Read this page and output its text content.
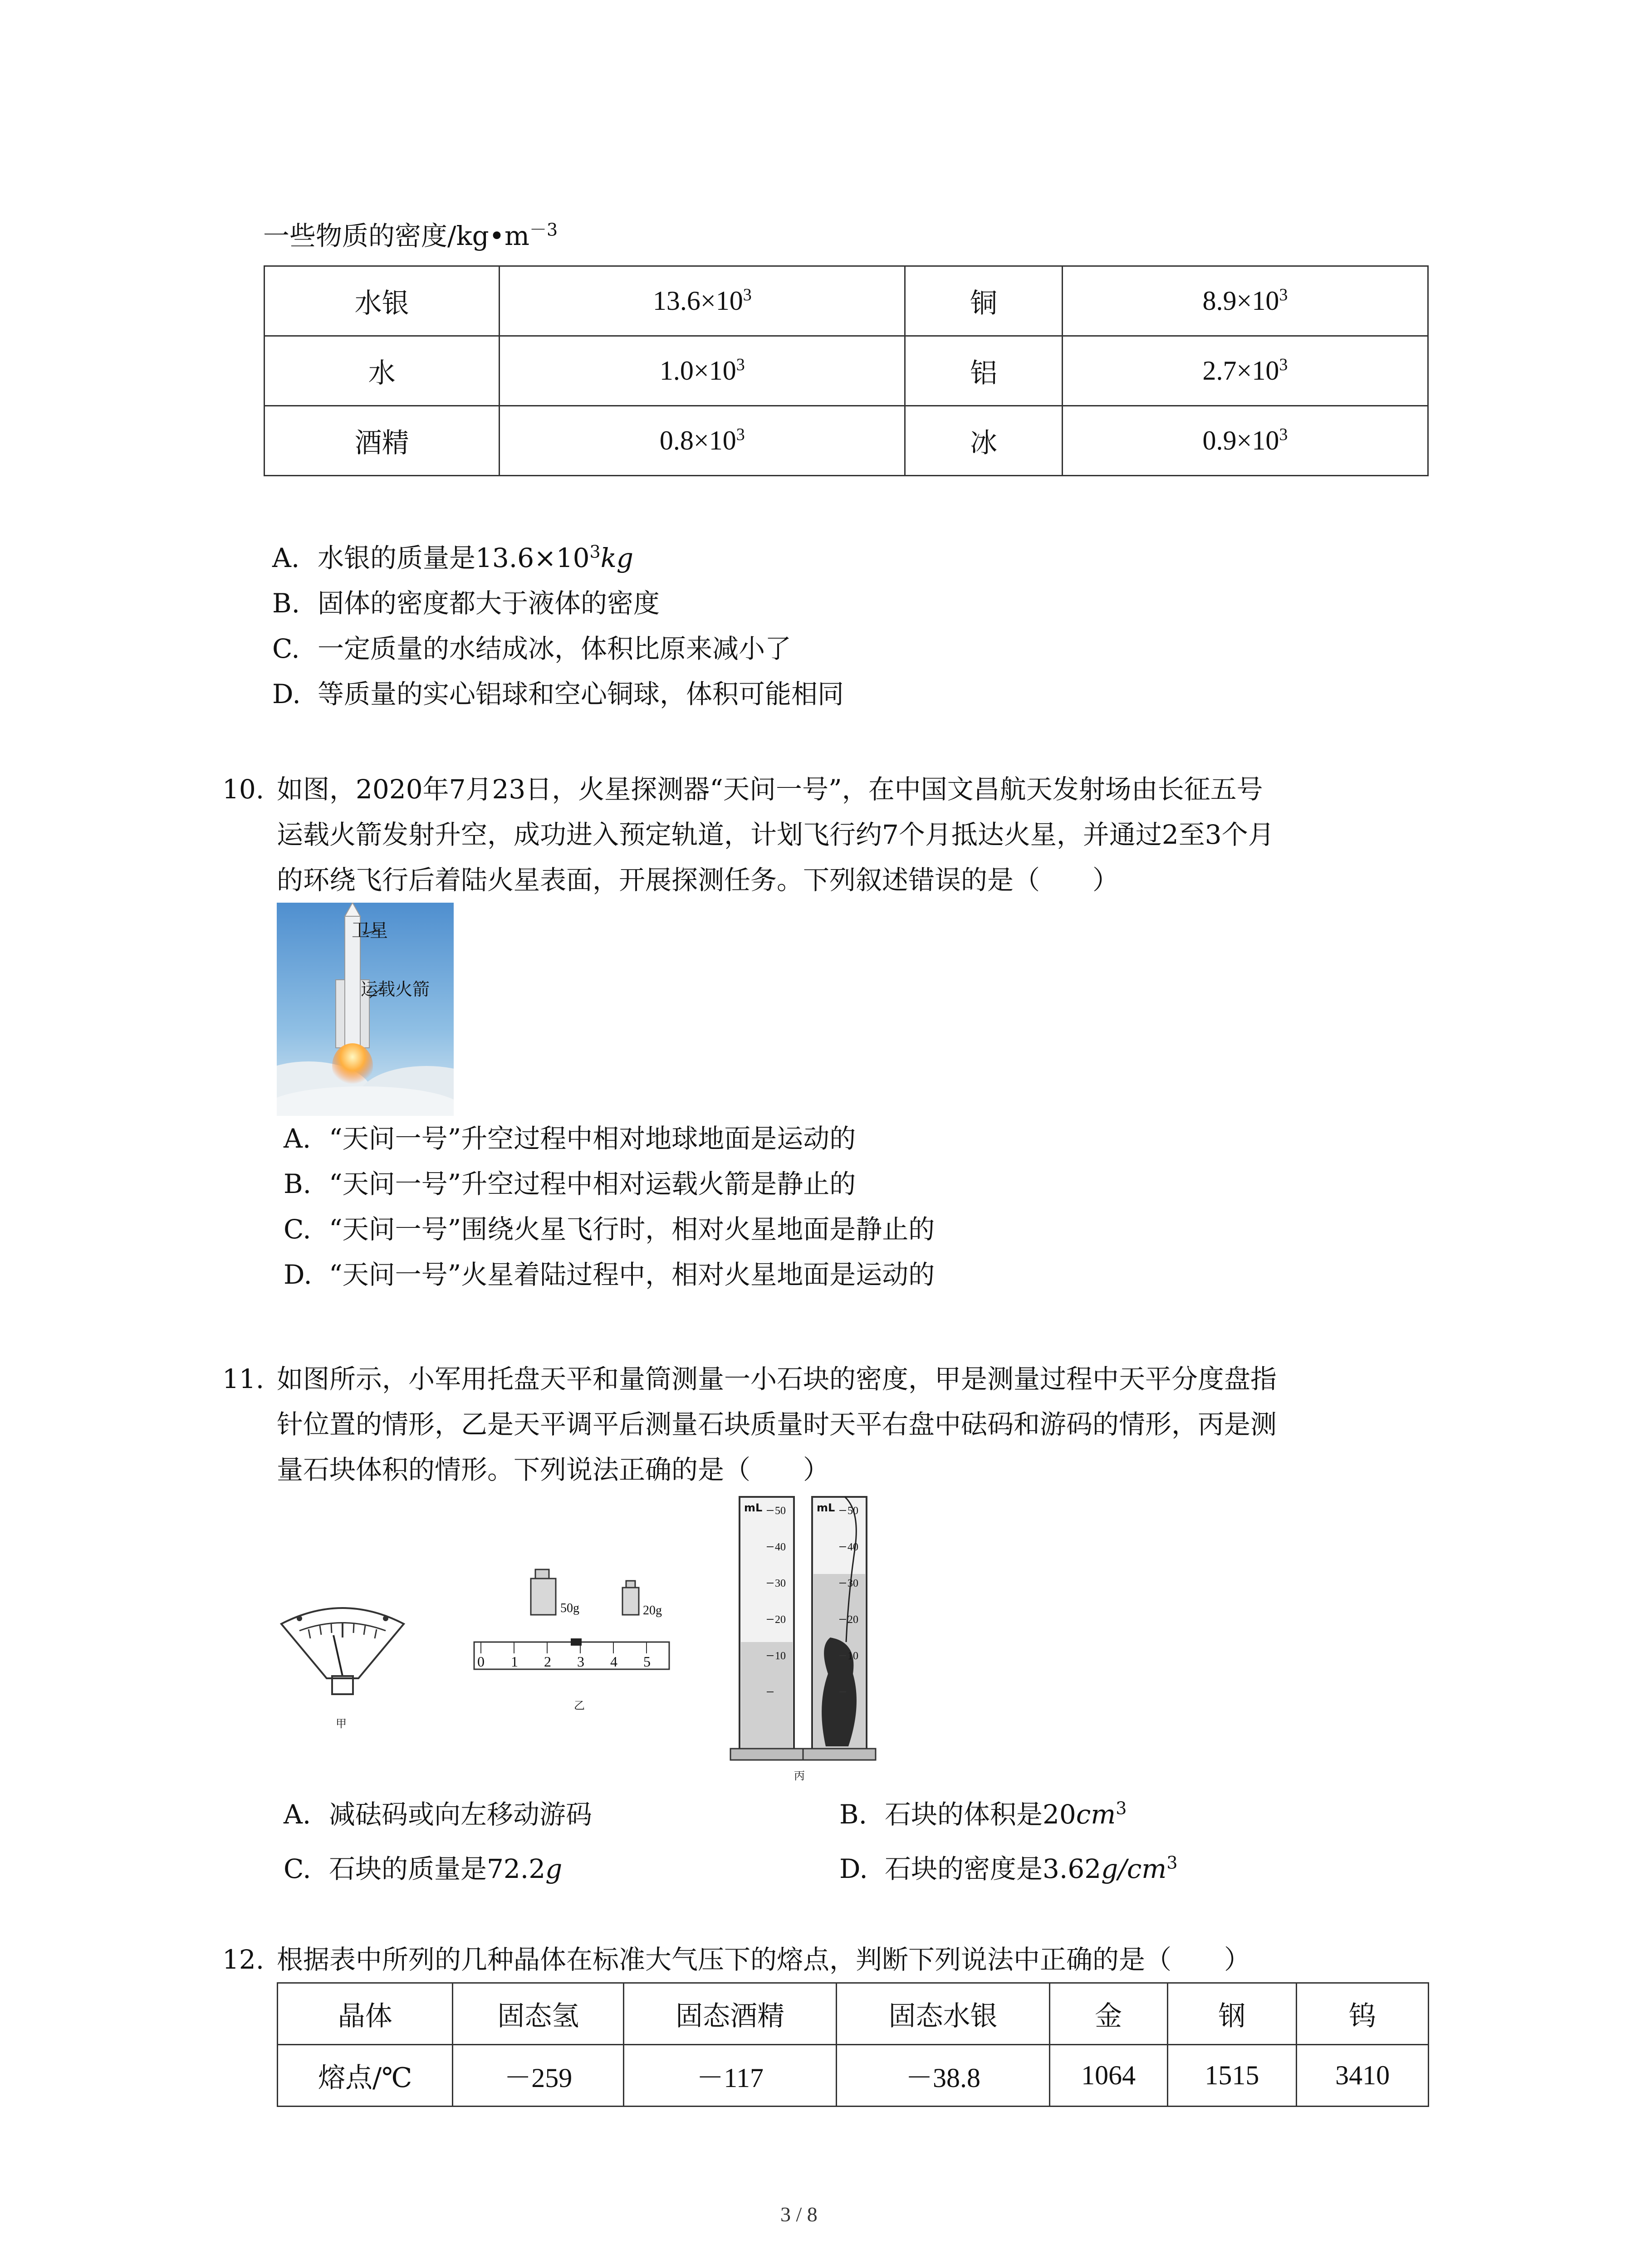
一些物质的密度$/kg•m^{-3}$
水银	$13.6\times 10^3$	铜	$8.9\times 10^3$
水	$1.0\times 10^3$	铝	$2.7\times 10^3$
酒精	$0.8\times 10^3$	冰	$0.9\times 10^3$
A. 水银的质量是$13.6\times 10^3kg$
B. 固体的密度都大于液体的密度
C. 一定质量的水结成冰，体积比原来减小了
D. 等质量的实心铝球和空心铜球，体积可能相同
10. 如图，2020年7月23日，火星探测器“天问一号”，在中国文昌航天发射场由长征五号
运载火箭发射升空，成功进入预定轨道，计划飞行约7个月抵达火星，并通过2至3个月
的环绕飞行后着陆火星表面，开展探测任务。下列叙述错误的是（　　）
卫星
运载火箭
A. “天问一号”升空过程中相对地球地面是运动的
B. “天问一号”升空过程中相对运载火箭是静止的
C. “天问一号”围绕火星飞行时，相对火星地面是静止的
D. “天问一号”火星着陆过程中，相对火星地面是运动的
11. 如图所示，小军用托盘天平和量筒测量一小石块的密度，甲是测量过程中天平分度盘指
针位置的情形，乙是天平调平后测量石块质量时天平右盘中砝码和游码的情形，丙是测
量石块体积的情形。下列说法正确的是（　　）
甲
50g	20g
0 1 2 3 4 5
乙
mL	mL
50
40
30
20
10
50
40
30
20
10
丙
A. 减砝码或向左移动游码	B. 石块的体积是$20cm^3$
C. 石块的质量是72.2g	D. 石块的密度是$3.62g/cm^3$
12. 根据表中所列的几种晶体在标准大气压下的熔点，判断下列说法中正确的是（　　）
晶体	固态氢	固态酒精	固态水银	金	钢	钨
熔点/℃	－259	－117	－38.8	1064	1515	3410
3 / 8
